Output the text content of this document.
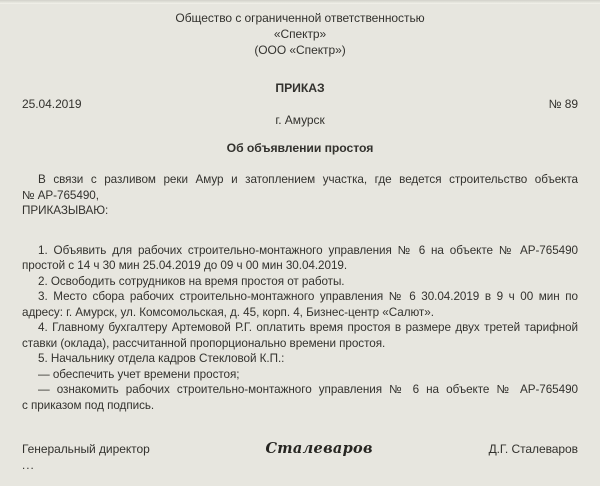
Общество с ограниченной ответственностью
«Спектр»
(ООО «Спектр»)
ПРИКАЗ
25.04.2019	№ 89
г. Амурск
Об объявлении простоя

В связи с разливом реки Амур и затоплением участка, где ведется строительство объекта № АР-765490,

ПРИКАЗЫВАЮ:

1. Объявить для рабочих строительно-монтажного управления № 6 на объекте № АР-765490 простой с 14 ч 30 мин 25.04.2019 до 09 ч 00 мин 30.04.2019.

2. Освободить сотрудников на время простоя от работы.

3. Место сбора рабочих строительно-монтажного управления № 6 30.04.2019 в 9 ч 00 мин по адресу: г. Амурск, ул. Комсомольская, д. 45, корп. 4, Бизнес-центр «Салют».

4. Главному бухгалтеру Артемовой Р.Г. оплатить время простоя в размере двух третей тарифной ставки (оклада), рассчитанной пропорционально времени простоя.

5. Начальнику отдела кадров Стекловой К.П.:

— обеспечить учет времени простоя;

— ознакомить рабочих строительно-монтажного управления № 6 на объекте № АР-765490 с приказом под подпись.

Генеральный директор	Сталеваров	Д.Г. Сталеваров
...
